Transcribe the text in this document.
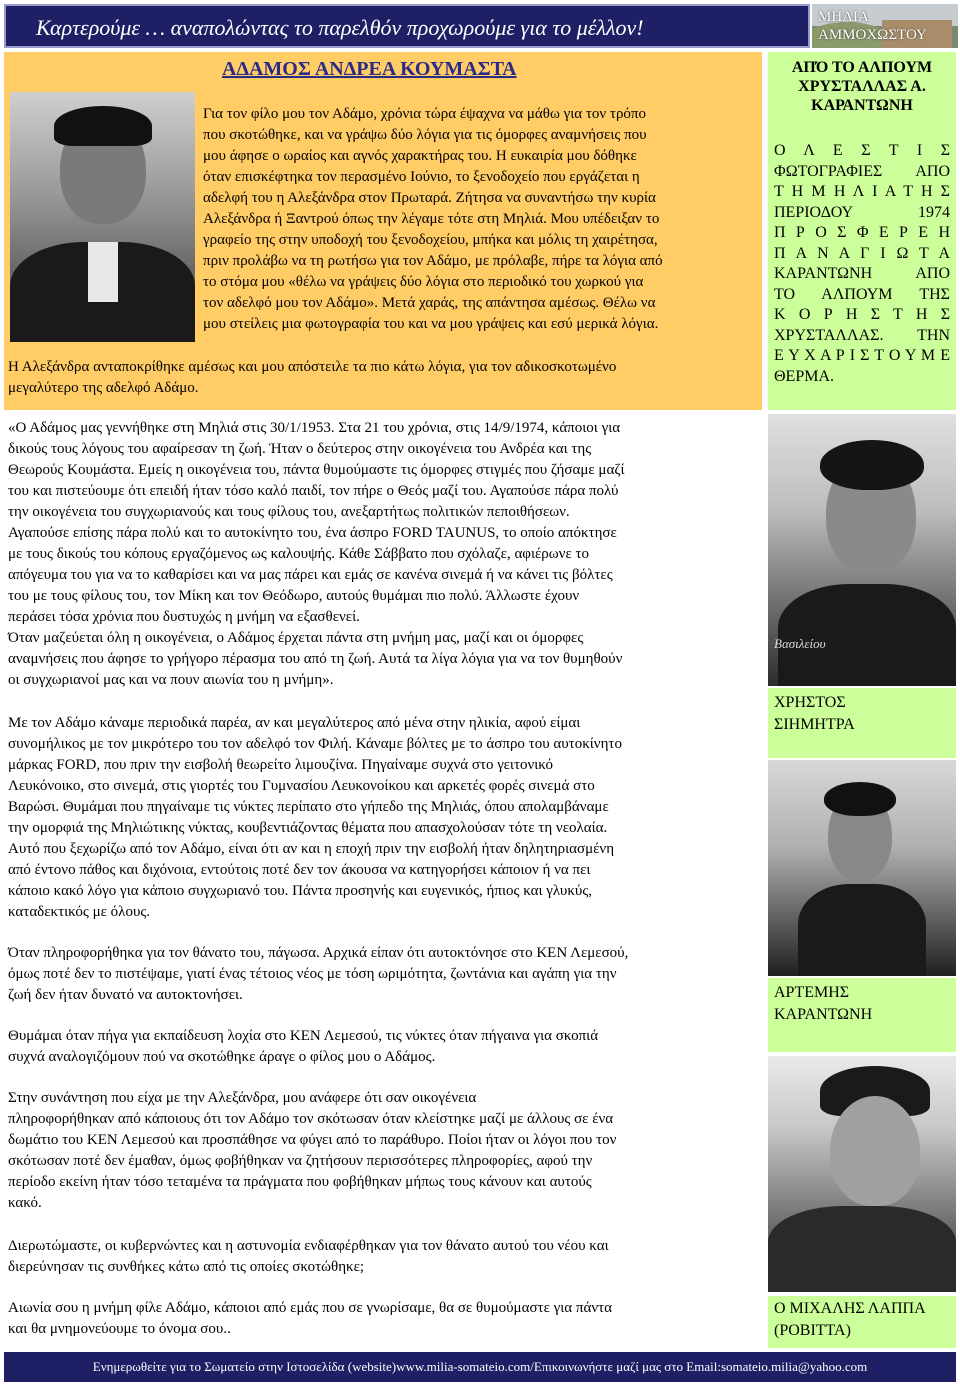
Καρτερούμε … αναπολώντας το παρελθόν προχωρούμε για το μέλλον!	ΜΗΛΙΑ
ΑΜΜΟΧΩΣΤΟΥ
ΑΔΑΜΟΣ ΑΝΔΡΕΑ ΚΟΥΜΑΣΤΑ
Για τον φίλο μου τον Αδάμο, χρόνια τώρα έψαχνα να μάθω για τον τρόπο
που σκοτώθηκε, και να γράψω δύο λόγια για τις όμορφες αναμνήσεις που
μου άφησε ο ωραίος και αγνός χαρακτήρας του. Η ευκαιρία μου δόθηκε
όταν επισκέφτηκα τον περασμένο Ιούνιο, το ξενοδοχείο που εργάζεται η
αδελφή του η Αλεξάνδρα στον Πρωταρά. Ζήτησα να συναντήσω την κυρία
Αλεξάνδρα ή Ξαντρού όπως την λέγαμε τότε στη Μηλιά. Μου υπέδειξαν το
γραφείο της στην υποδοχή του ξενοδοχείου, μπήκα και μόλις τη χαιρέτησα,
πριν προλάβω να τη ρωτήσω για τον Αδάμο, με πρόλαβε, πήρε τα λόγια από
το στόμα μου «θέλω να γράψεις δύο λόγια στο περιοδικό του χωρκού για
τον αδελφό μου τον Αδάμο». Μετά χαράς, της απάντησα αμέσως. Θέλω να
μου στείλεις μια φωτογραφία του και να μου γράψεις και εσύ μερικά λόγια.
Η Αλεξάνδρα ανταποκρίθηκε αμέσως και μου απόστειλε τα πιο κάτω λόγια, για τον αδικοσκοτωμένο
μεγαλύτερο της αδελφό Αδάμο.
«Ο Αδάμος μας γεννήθηκε στη Μηλιά στις 30/1/1953. Στα 21 του χρόνια, στις 14/9/1974, κάποιοι για
δικούς τους λόγους του αφαίρεσαν τη ζωή. Ήταν ο δεύτερος στην οικογένεια του Ανδρέα και της
Θεωρούς Κουμάστα. Εμείς η οικογένεια του, πάντα θυμούμαστε τις όμορφες στιγμές που ζήσαμε μαζί
του και πιστεύουμε ότι επειδή ήταν τόσο καλό παιδί, τον πήρε ο Θεός μαζί του. Αγαπούσε πάρα πολύ
την οικογένεια του συγχωριανούς και τους φίλους του, ανεξαρτήτως πολιτικών πεποιθήσεων.
Αγαπούσε επίσης πάρα πολύ και το αυτοκίνητο του, ένα άσπρο FORD TAUNUS, το οποίο απόκτησε
με τους δικούς του κόπους εργαζόμενος ως καλουψής. Κάθε Σάββατο που σχόλαζε, αφιέρωνε το
απόγευμα του για να το καθαρίσει και να μας πάρει και εμάς σε κανένα σινεμά ή να κάνει τις βόλτες
του με τους φίλους του, τον Μίκη και τον Θεόδωρο, αυτούς θυμάμαι πιο πολύ. Άλλωστε έχουν
περάσει τόσα χρόνια που δυστυχώς η μνήμη να εξασθενεί.
Όταν μαζεύεται όλη η οικογένεια, ο Αδάμος έρχεται πάντα στη μνήμη μας, μαζί και οι όμορφες
αναμνήσεις που άφησε το γρήγορο πέρασμα του από τη ζωή. Αυτά τα λίγα λόγια για να τον θυμηθούν
οι συγχωριανοί μας και να πουν αιωνία του η μνήμη».
Με τον Αδάμο κάναμε περιοδικά παρέα, αν και μεγαλύτερος από μένα στην ηλικία, αφού είμαι
συνομήλικος με τον μικρότερο του τον αδελφό τον Φιλή. Κάναμε βόλτες με το άσπρο του αυτοκίνητο
μάρκας FORD, που πριν την εισβολή θεωρείτο λιμουζίνα. Πηγαίναμε συχνά στο γειτονικό
Λευκόνοικο, στο σινεμά, στις γιορτές του Γυμνασίου Λευκονοίκου και αρκετές φορές σινεμά στο
Βαρώσι. Θυμάμαι που πηγαίναμε τις νύκτες περίπατο στο γήπεδο της Μηλιάς, όπου απολαμβάναμε
την ομορφιά της Μηλιώτικης νύκτας, κουβεντιάζοντας θέματα που απασχολούσαν τότε τη νεολαία.
Αυτό που ξεχωρίζω από τον Αδάμο, είναι ότι αν και η εποχή πριν την εισβολή ήταν δηλητηριασμένη
από έντονο πάθος και διχόνοια, εντούτοις ποτέ δεν τον άκουσα να κατηγορήσει κάποιον ή να πει
κάποιο κακό λόγο για κάποιο συγχωριανό του. Πάντα προσηνής και ευγενικός, ήπιος και γλυκύς,
καταδεκτικός με όλους.
Όταν πληροφορήθηκα για τον θάνατο του, πάγωσα. Αρχικά είπαν ότι αυτοκτόνησε στο ΚΕΝ Λεμεσού,
όμως ποτέ δεν το πιστέψαμε, γιατί ένας τέτοιος νέος με τόση ωριμότητα, ζωντάνια και αγάπη για την
ζωή δεν ήταν δυνατό να αυτοκτονήσει.
Θυμάμαι όταν πήγα για εκπαίδευση λοχία στο ΚΕΝ Λεμεσού, τις νύκτες όταν πήγαινα για σκοπιά
συχνά αναλογιζόμουν πού να σκοτώθηκε άραγε ο φίλος μου ο Αδάμος.
Στην συνάντηση που είχα με την Αλεξάνδρα, μου ανάφερε ότι σαν οικογένεια
πληροφορήθηκαν από κάποιους ότι τον Αδάμο τον σκότωσαν όταν κλείστηκε μαζί με άλλους σε ένα
δωμάτιο του ΚΕΝ Λεμεσού και προσπάθησε να φύγει από το παράθυρο. Ποίοι ήταν οι λόγοι που τον
σκότωσαν ποτέ δεν έμαθαν, όμως φοβήθηκαν να ζητήσουν περισσότερες πληροφορίες, αφού την
περίοδο εκείνη ήταν τόσο τεταμένα τα πράγματα που φοβήθηκαν μήπως τους κάνουν και αυτούς
κακό.
Διερωτώμαστε, οι κυβερνώντες και η αστυνομία ενδιαφέρθηκαν για τον θάνατο αυτού του νέου και
διερεύνησαν τις συνθήκες κάτω από τις οποίες σκοτώθηκε;
Αιωνία σου η μνήμη φίλε Αδάμο, κάποιοι από εμάς που σε γνωρίσαμε, θα σε θυμούμαστε για πάντα
και θα μνημονεύουμε το όνομα σου..
ΑΠΌ ΤΟ ΑΛΠΟΥΜ
ΧΡΥΣΤΑΛΛΑΣ Α.
ΚΑΡΑΝΤΩΝΗ
Ο Λ Ε Σ Τ Ι Σ
ΦΩΤΟΓΡΑΦΙΕΣ ΑΠΟ
Τ Η Μ Η Λ Ι Α Τ Η Σ
ΠΕΡΙΟΔΟΥ 1974
Π Ρ Ο Σ Φ Ε Ρ Ε Η
Π Α Ν Α Γ Ι Ω Τ Α
ΚΑΡΑΝΤΩΝΗ ΑΠΟ
ΤΟ ΑΛΠΟΥΜ ΤΗΣ
Κ Ο Ρ Η Σ Τ Η Σ
ΧΡΥΣΤΑΛΛΑΣ. ΤΗΝ
Ε Υ Χ Α Ρ Ι Σ Τ Ο Υ Μ Ε
ΘΕΡΜΑ.
Βασιλείου
ΧΡΗΣΤΟΣ
ΣΙΗΜΗΤΡΑ
ΑΡΤΕΜΗΣ
ΚΑΡΑΝΤΩΝΗ
Ο ΜΙΧΑΛΗΣ ΛΑΠΠΑ
(ΡΟΒΙΤΤΑ)
Ενημερωθείτε για το Σωματείο στην Ιστοσελίδα (website)www.milia-somateio.com/Επικοινωνήστε μαζί μας στο Email:somateio.milia@yahoo.com
